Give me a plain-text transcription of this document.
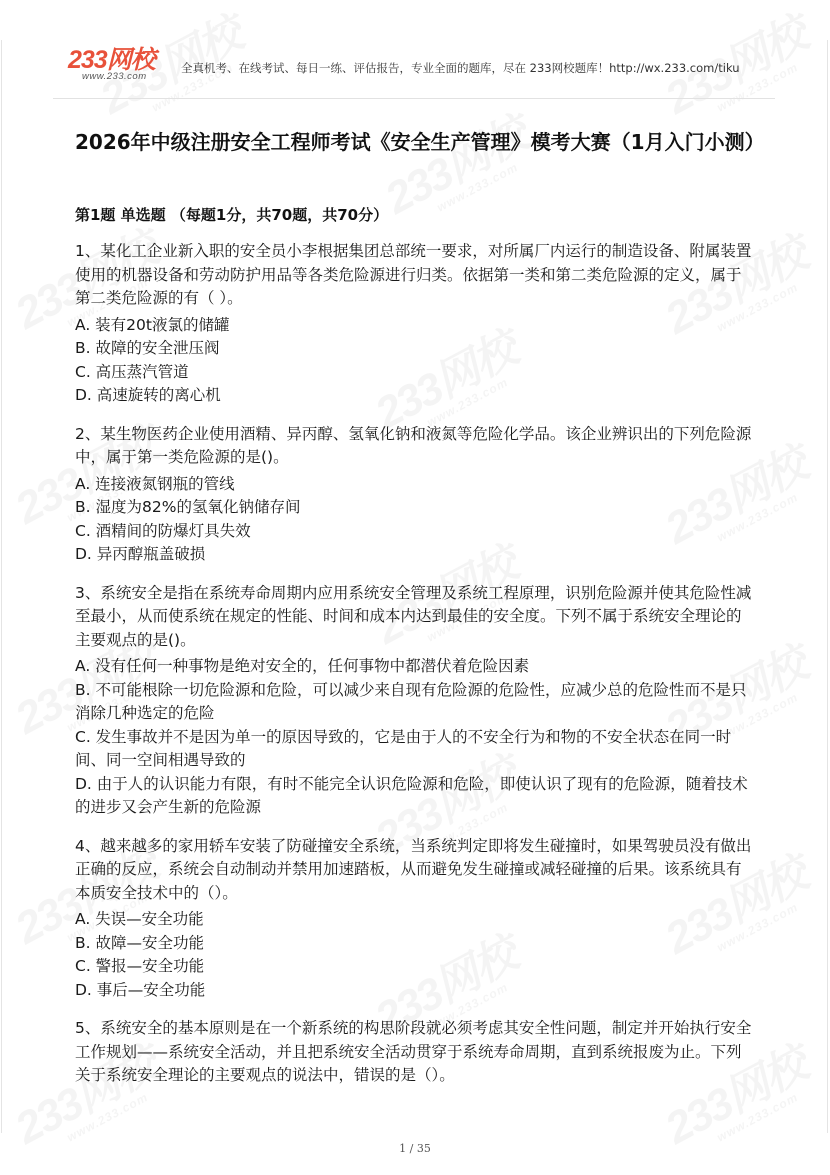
233网校
www.233.com
全真机考、在线考试、每日一练、评估报告，专业全面的题库，尽在 233网校题库！http://wx.233.com/tiku
2026年中级注册安全工程师考试《安全生产管理》模考大赛（1月入门小测）
第1题 单选题 （每题1分，共70题，共70分）
1、某化工企业新入职的安全员小李根据集团总部统一要求，对所属厂内运行的制造设备、附属装置使用的机器设备和劳动防护用品等各类危险源进行归类。依据第一类和第二类危险源的定义，属于第二类危险源的有（ ）。
A. 装有20t液氯的储罐
B. 故障的安全泄压阀
C. 高压蒸汽管道
D. 高速旋转的离心机
2、某生物医药企业使用酒精、异丙醇、氢氧化钠和液氮等危险化学品。该企业辨识出的下列危险源中，属于第一类危险源的是()。
A. 连接液氮钢瓶的管线
B. 湿度为82%的氢氧化钠储存间
C. 酒精间的防爆灯具失效
D. 异丙醇瓶盖破损
3、系统安全是指在系统寿命周期内应用系统安全管理及系统工程原理，识别危险源并使其危险性减至最小，从而使系统在规定的性能、时间和成本内达到最佳的安全度。下列不属于系统安全理论的主要观点的是()。
A. 没有任何一种事物是绝对安全的，任何事物中都潜伏着危险因素
B. 不可能根除一切危险源和危险，可以减少来自现有危险源的危险性，应减少总的危险性而不是只消除几种选定的危险
C. 发生事故并不是因为单一的原因导致的，它是由于人的不安全行为和物的不安全状态在同一时间、同一空间相遇导致的
D. 由于人的认识能力有限，有时不能完全认识危险源和危险，即使认识了现有的危险源，随着技术的进步又会产生新的危险源
4、越来越多的家用轿车安装了防碰撞安全系统，当系统判定即将发生碰撞时，如果驾驶员没有做出正确的反应，系统会自动制动并禁用加速踏板，从而避免发生碰撞或减轻碰撞的后果。该系统具有本质安全技术中的（）。
A. 失误—安全功能
B. 故障—安全功能
C. 警报—安全功能
D. 事后—安全功能
5、系统安全的基本原则是在一个新系统的构思阶段就必须考虑其安全性问题，制定并开始执行安全工作规划——系统安全活动，并且把系统安全活动贯穿于系统寿命周期，直到系统报废为止。下列关于系统安全理论的主要观点的说法中，错误的是（）。
1 / 35
